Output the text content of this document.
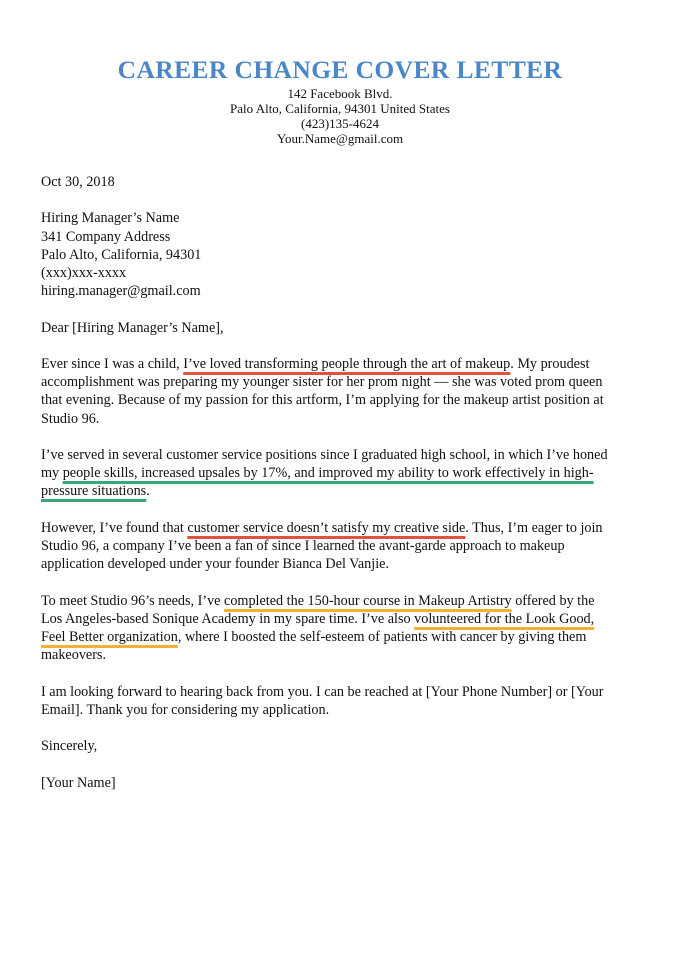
CAREER CHANGE COVER LETTER
142 Facebook Blvd.
Palo Alto, California, 94301 United States
(423)135-4624
Your.Name@gmail.com
Oct 30, 2018
Hiring Manager’s Name
341 Company Address
Palo Alto, California, 94301
(xxx)xxx-xxxx
hiring.manager@gmail.com
Dear [Hiring Manager’s Name],
Ever since I was a child, I’ve loved transforming people through the art of makeup. My proudest
accomplishment was preparing my younger sister for her prom night — she was voted prom queen
that evening. Because of my passion for this artform, I’m applying for the makeup artist position at
Studio 96.
I’ve served in several customer service positions since I graduated high school, in which I’ve honed
my people skills, increased upsales by 17%, and improved my ability to work effectively in high-
pressure situations.
However, I’ve found that customer service doesn’t satisfy my creative side. Thus, I’m eager to join
Studio 96, a company I’ve been a fan of since I learned the avant-garde approach to makeup
application developed under your founder Bianca Del Vanjie.
To meet Studio 96’s needs, I’ve completed the 150-hour course in Makeup Artistry offered by the
Los Angeles-based Sonique Academy in my spare time. I’ve also volunteered for the Look Good,
Feel Better organization, where I boosted the self-esteem of patients with cancer by giving them
makeovers.
I am looking forward to hearing back from you. I can be reached at [Your Phone Number] or [Your
Email]. Thank you for considering my application.
Sincerely,
[Your Name]
